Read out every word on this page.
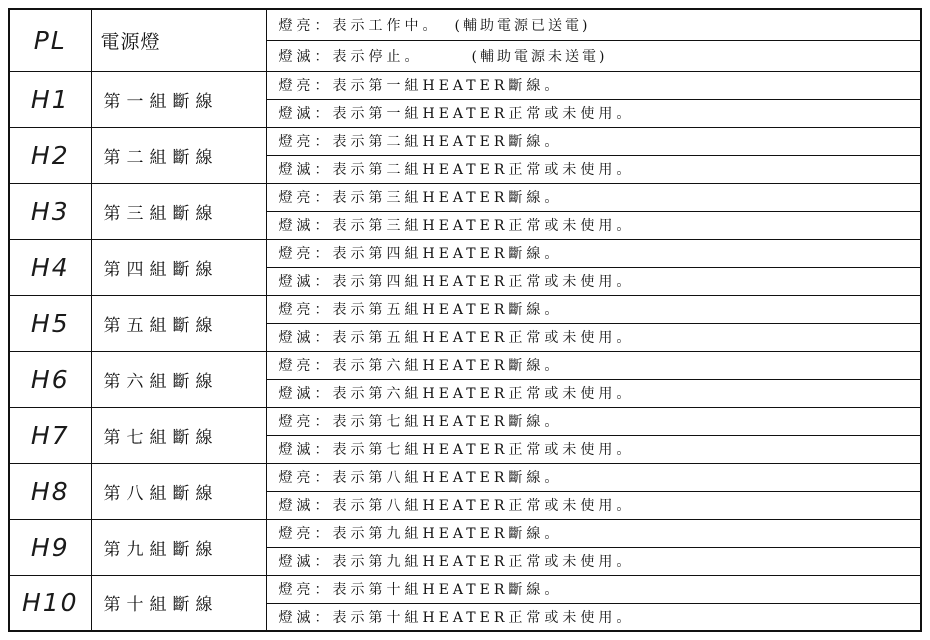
PL	電源燈	燈亮：表示工作中。 (輔助電源已送電)

		燈滅：表示停止。 (輔助電源未送電)

H1	第一組斷線	燈亮：表示第一組HEATER斷線。
		燈滅：表示第一組HEATER正常或未使用。
H2	第二組斷線	燈亮：表示第二組HEATER斷線。
		燈滅：表示第二組HEATER正常或未使用。
H3	第三組斷線	燈亮：表示第三組HEATER斷線。
		燈滅：表示第三組HEATER正常或未使用。
H4	第四組斷線	燈亮：表示第四組HEATER斷線。
		燈滅：表示第四組HEATER正常或未使用。
H5	第五組斷線	燈亮：表示第五組HEATER斷線。
		燈滅：表示第五組HEATER正常或未使用。
H6	第六組斷線	燈亮：表示第六組HEATER斷線。
		燈滅：表示第六組HEATER正常或未使用。
H7	第七組斷線	燈亮：表示第七組HEATER斷線。
		燈滅：表示第七組HEATER正常或未使用。
H8	第八組斷線	燈亮：表示第八組HEATER斷線。
		燈滅：表示第八組HEATER正常或未使用。
H9	第九組斷線	燈亮：表示第九組HEATER斷線。
		燈滅：表示第九組HEATER正常或未使用。
H10	第十組斷線	燈亮：表示第十組HEATER斷線。
		燈滅：表示第十組HEATER正常或未使用。
